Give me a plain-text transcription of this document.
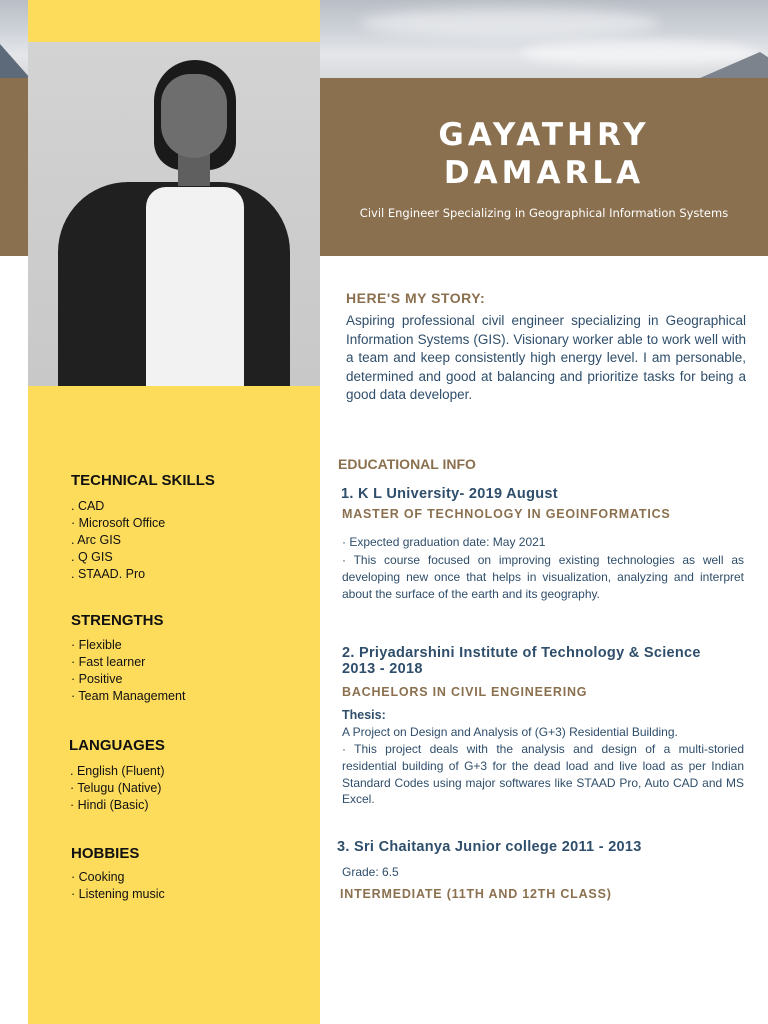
GAYATHRY
DAMARLA
Civil Engineer Specializing in Geographical Information Systems
TECHNICAL SKILLS
. CAD
· Microsoft Office
. Arc GIS
. Q GIS
. STAAD. Pro
STRENGTHS
· Flexible
· Fast learner
· Positive
· Team Management
LANGUAGES
. English (Fluent)
· Telugu (Native)
· Hindi (Basic)
HOBBIES
· Cooking
· Listening music
HERE'S MY STORY:

Aspiring professional civil engineer specializing in Geographical Information Systems (GIS). Visionary worker able to work well with a team and keep consistently high energy level. I am personable, determined and good at balancing and prioritize tasks for being a good data developer.

EDUCATIONAL INFO
1. K L University- 2019 August
MASTER OF TECHNOLOGY IN GEOINFORMATICS

· Expected graduation date: May 2021

· This course focused on improving existing technologies as well as developing new once that helps in visualization, analyzing and interpret about the surface of the earth and its geography.

2. Priyadarshini Institute of Technology & Science 2013 - 2018
BACHELORS IN CIVIL ENGINEERING
Thesis:

A Project on Design and Analysis of (G+3) Residential Building.

· This project deals with the analysis and design of a multi-storied residential building of G+3 for the dead load and live load as per Indian Standard Codes using major softwares like STAAD Pro, Auto CAD and MS Excel.

3. Sri Chaitanya Junior college 2011 - 2013

Grade: 6.5

INTERMEDIATE (11TH AND 12TH CLASS)
